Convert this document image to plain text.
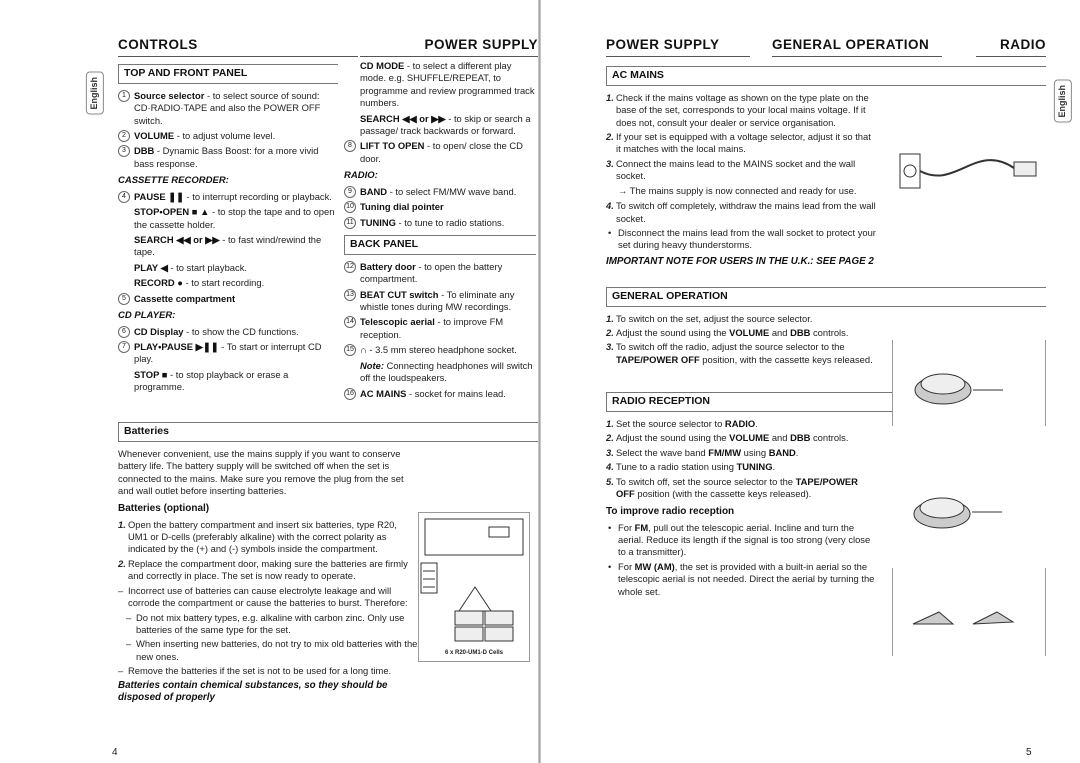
CONTROLS	POWER SUPPLY
English
TOP AND FRONT PANEL
1 Source selector - to select source of sound: CD·RADIO·TAPE and also the POWER OFF switch.
2 VOLUME - to adjust volume level.
3 DBB - Dynamic Bass Boost: for a more vivid bass response.
CASSETTE RECORDER:
4 PAUSE ❚❚ - to interrupt recording or playback.
STOP•OPEN ■ ▲ - to stop the tape and to open the cassette holder.
SEARCH ◀◀ or ▶▶ - to fast wind/rewind the tape.
PLAY ◀ - to start playback.
RECORD ● - to start recording.
5 Cassette compartment
CD PLAYER:
6 CD Display - to show the CD functions.
7 PLAY•PAUSE ▶❚❚ - To start or interrupt CD play.
STOP ■ - to stop playback or erase a programme.
CD MODE - to select a different play mode. e.g. SHUFFLE/REPEAT, to programme and review programmed track numbers.
SEARCH ◀◀ or ▶▶ - to skip or search a passage/ track backwards or forward.
8 LIFT TO OPEN - to open/ close the CD door.
RADIO:
9 BAND - to select FM/MW wave band.
10 Tuning dial pointer
11 TUNING - to tune to radio stations.
BACK PANEL
12 Battery door - to open the battery compartment.
13 BEAT CUT switch - To eliminate any whistle tones during MW recordings.
14 Telescopic aerial - to improve FM reception.
15 ∩ - 3.5 mm stereo headphone socket.
Note: Connecting headphones will switch off the loudspeakers.
16 AC MAINS - socket for mains lead.
Batteries
Whenever convenient, use the mains supply if you want to conserve battery life. The battery supply will be switched off when the set is connected to the mains. Make sure you remove the plug from the set and wall outlet before inserting batteries.
Batteries (optional)
1. Open the battery compartment and insert six batteries, type R20, UM1 or D-cells (preferably alkaline) with the correct polarity as indicated by the (+) and (-) symbols inside the compartment.
2. Replace the compartment door, making sure the batteries are firmly and correctly in place. The set is now ready to operate.
– Incorrect use of batteries can cause electrolyte leakage and will corrode the compartment or cause the batteries to burst. Therefore:
– Do not mix battery types, e.g. alkaline with carbon zinc. Only use batteries of the same type for the set.
– When inserting new batteries, do not try to mix old batteries with the new ones.
– Remove the batteries if the set is not to be used for a long time.
Batteries contain chemical substances, so they should be disposed of properly
6 x R20-UM1-D Cells
4
POWER SUPPLY	GENERAL OPERATION	RADIO
English
AC MAINS
1. Check if the mains voltage as shown on the type plate on the base of the set, corresponds to your local mains voltage. If it does not, consult your dealer or service organisation.
2. If your set is equipped with a voltage selector, adjust it so that it matches with the local mains.
3. Connect the mains lead to the MAINS socket and the wall socket.
→ The mains supply is now connected and ready for use.
4. To switch off completely, withdraw the mains lead from the wall socket.
• Disconnect the mains lead from the wall socket to protect your set during heavy thunderstorms.
IMPORTANT NOTE FOR USERS IN THE U.K.: SEE PAGE 2
GENERAL OPERATION
1. To switch on the set, adjust the source selector.
2. Adjust the sound using the VOLUME and DBB controls.
3. To switch off the radio, adjust the source selector to the TAPE/POWER OFF position, with the cassette keys released.
RADIO RECEPTION
1. Set the source selector to RADIO.
2. Adjust the sound using the VOLUME and DBB controls.
3. Select the wave band FM/MW using BAND.
4. Tune to a radio station using TUNING.
5. To switch off, set the source selector to the TAPE/POWER OFF position (with the cassette keys released).
To improve radio reception
• For FM, pull out the telescopic aerial. Incline and turn the aerial. Reduce its length if the signal is too strong (very close to a transmitter).
• For MW (AM), the set is provided with a built-in aerial so the telescopic aerial is not needed. Direct the aerial by turning the whole set.
5
